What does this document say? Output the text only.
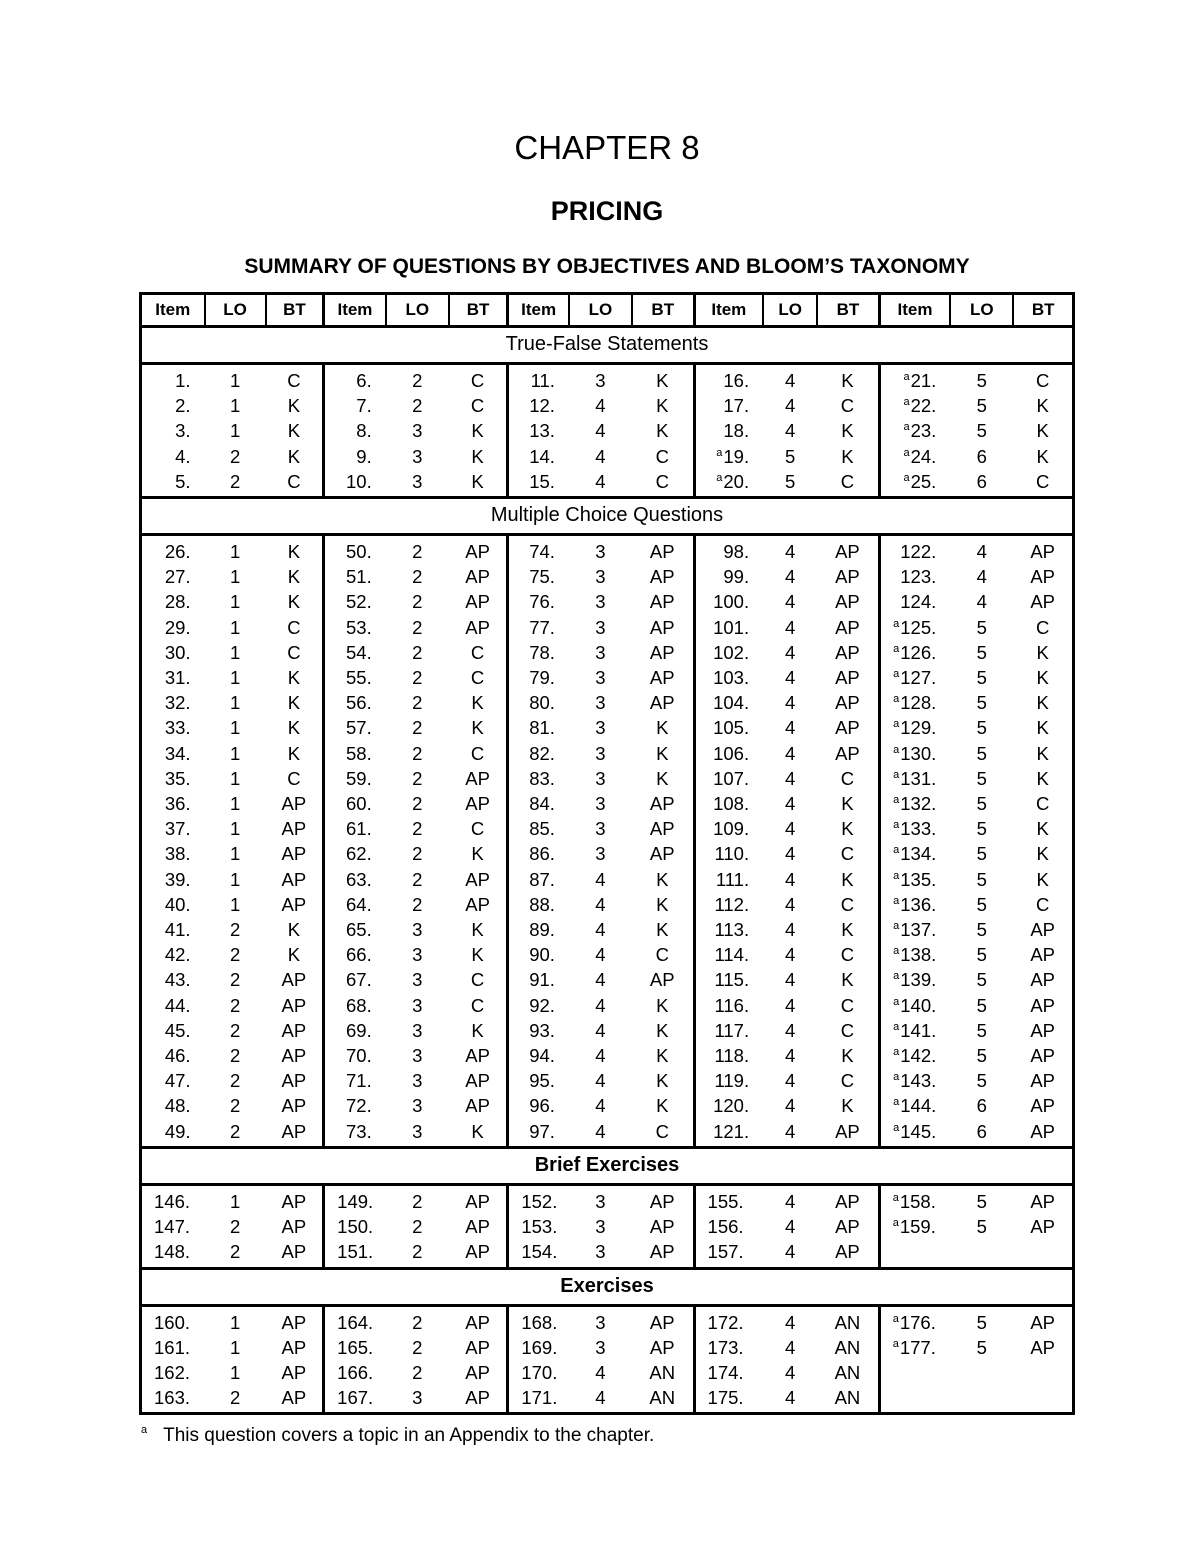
CHAPTER 8
PRICING
SUMMARY OF QUESTIONS BY OBJECTIVES AND BLOOM’S TAXONOMY
Item	LO	BT	Item	LO	BT	Item	LO	BT	Item	LO	BT	Item	LO	BT
True-False Statements														
1.	1	C	6.	2	C	11.	3	K	16.	4	K	$^a$21.	5	C
2.	1	K	7.	2	C	12.	4	K	17.	4	C	$^a$22.	5	K
3.	1	K	8.	3	K	13.	4	K	18.	4	K	$^a$23.	5	K
4.	2	K	9.	3	K	14.	4	C	$^a$19.	5	K	$^a$24.	6	K
5.	2	C	10.	3	K	15.	4	C	$^a$20.	5	C	$^a$25.	6	C
Multiple Choice Questions														
26.	1	K	50.	2	AP	74.	3	AP	98.	4	AP	122.	4	AP
27.	1	K	51.	2	AP	75.	3	AP	99.	4	AP	123.	4	AP
28.	1	K	52.	2	AP	76.	3	AP	100.	4	AP	124.	4	AP
29.	1	C	53.	2	AP	77.	3	AP	101.	4	AP	$^a$125.	5	C
30.	1	C	54.	2	C	78.	3	AP	102.	4	AP	$^a$126.	5	K
31.	1	K	55.	2	C	79.	3	AP	103.	4	AP	$^a$127.	5	K
32.	1	K	56.	2	K	80.	3	AP	104.	4	AP	$^a$128.	5	K
33.	1	K	57.	2	K	81.	3	K	105.	4	AP	$^a$129.	5	K
34.	1	K	58.	2	C	82.	3	K	106.	4	AP	$^a$130.	5	K
35.	1	C	59.	2	AP	83.	3	K	107.	4	C	$^a$131.	5	K
36.	1	AP	60.	2	AP	84.	3	AP	108.	4	K	$^a$132.	5	C
37.	1	AP	61.	2	C	85.	3	AP	109.	4	K	$^a$133.	5	K
38.	1	AP	62.	2	K	86.	3	AP	110.	4	C	$^a$134.	5	K
39.	1	AP	63.	2	AP	87.	4	K	111.	4	K	$^a$135.	5	K
40.	1	AP	64.	2	AP	88.	4	K	112.	4	C	$^a$136.	5	C
41.	2	K	65.	3	K	89.	4	K	113.	4	K	$^a$137.	5	AP
42.	2	K	66.	3	K	90.	4	C	114.	4	C	$^a$138.	5	AP
43.	2	AP	67.	3	C	91.	4	AP	115.	4	K	$^a$139.	5	AP
44.	2	AP	68.	3	C	92.	4	K	116.	4	C	$^a$140.	5	AP
45.	2	AP	69.	3	K	93.	4	K	117.	4	C	$^a$141.	5	AP
46.	2	AP	70.	3	AP	94.	4	K	118.	4	K	$^a$142.	5	AP
47.	2	AP	71.	3	AP	95.	4	K	119.	4	C	$^a$143.	5	AP
48.	2	AP	72.	3	AP	96.	4	K	120.	4	K	$^a$144.	6	AP
49.	2	AP	73.	3	K	97.	4	C	121.	4	AP	$^a$145.	6	AP
Brief Exercises														
146.	1	AP	149.	2	AP	152.	3	AP	155.	4	AP	$^a$158.	5	AP
147.	2	AP	150.	2	AP	153.	3	AP	156.	4	AP	$^a$159.	5	AP
148.	2	AP	151.	2	AP	154.	3	AP	157.	4	AP			
Exercises														
160.	1	AP	164.	2	AP	168.	3	AP	172.	4	AN	$^a$176.	5	AP
161.	1	AP	165.	2	AP	169.	3	AP	173.	4	AN	$^a$177.	5	AP
162.	1	AP	166.	2	AP	170.	4	AN	174.	4	AN			
163.	2	AP	167.	3	AP	171.	4	AN	175.	4	AN			
$^a$ This question covers a topic in an Appendix to the chapter.
